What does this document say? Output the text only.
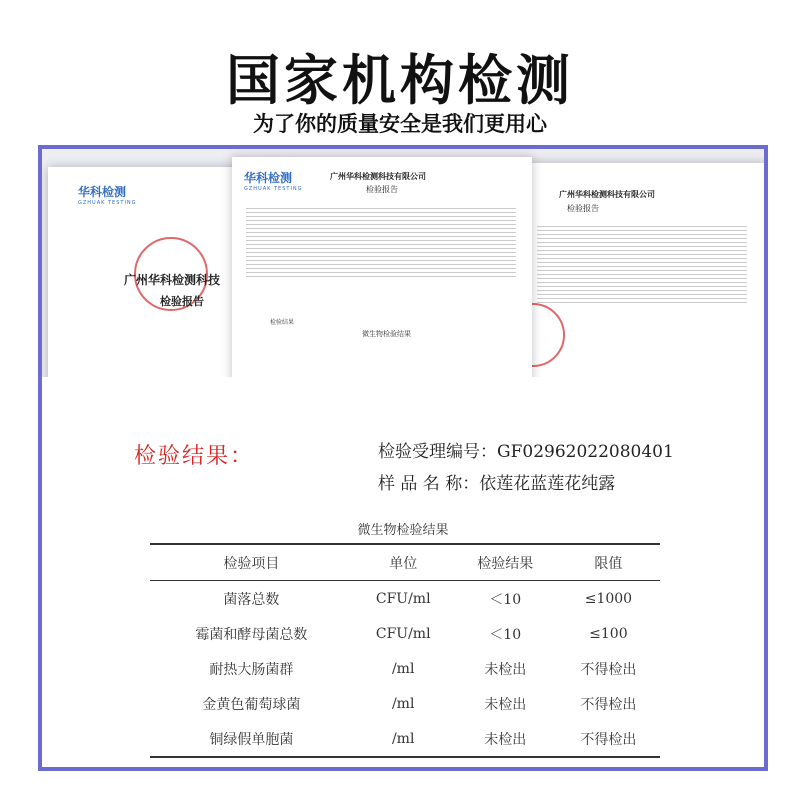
国家机构检测
为了你的质量安全是我们更用心
华科检测
GZHUAK TESTING
广州华科检测科技
检验报告
华科检测
GZHUAK TESTING
广州华科检测科技有限公司
检验报告
检验结果
微生物检验结果
广州华科检测科技有限公司
检验报告
检验结果：	检验受理编号：GF02962022080401
样 品 名 称：依莲花蓝莲花纯露
微生物检验结果
检验项目	单位	检验结果	限值
菌落总数	CFU/ml	＜10	≤1000
霉菌和酵母菌总数	CFU/ml	＜10	≤100
耐热大肠菌群	/ml	未检出	不得检出
金黄色葡萄球菌	/ml	未检出	不得检出
铜绿假单胞菌	/ml	未检出	不得检出
